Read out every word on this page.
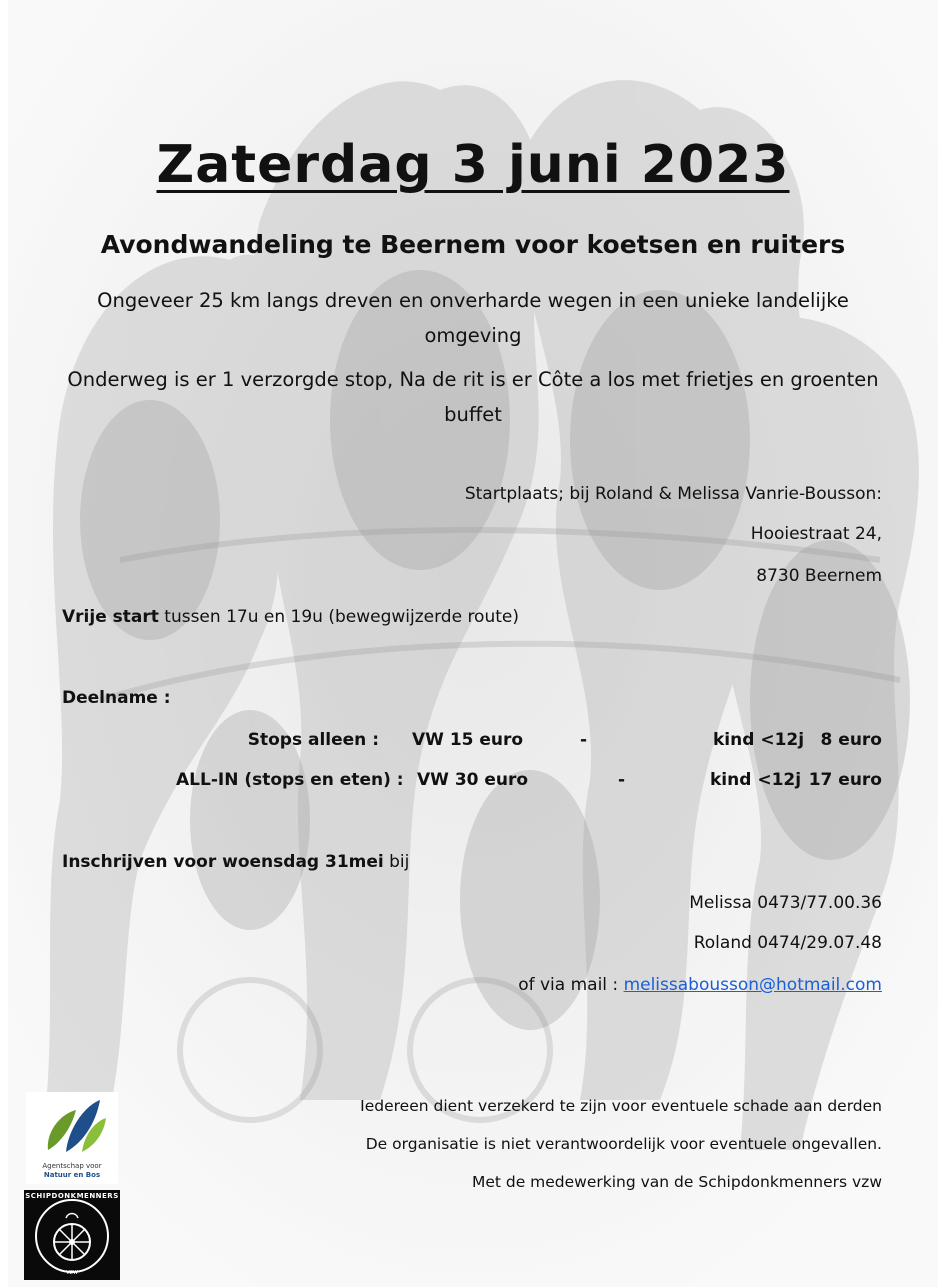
Zaterdag 3 juni 2023
Avondwandeling te Beernem voor koetsen en ruiters
Ongeveer 25 km langs dreven en onverharde wegen in een unieke landelijke omgeving
Onderweg is er 1 verzorgde stop, Na de rit is er Côte a los met frietjes en groenten buffet
Startplaats; bij Roland & Melissa Vanrie-Bousson:
Hooiestraat 24,
8730 Beernem
Vrije start tussen 17u en 19u (bewegwijzerde route)
Deelname :
Stops alleen : VW 15 euro	-	kind <12j 8 euro
ALL-IN (stops en eten) : VW 30 euro	-	kind <12j 17 euro
Inschrijven voor woensdag 31mei bij
Melissa 0473/77.00.36
Roland 0474/29.07.48
of via mail : melissabousson@hotmail.com
Iedereen dient verzekerd te zijn voor eventuele schade aan derden
De organisatie is niet verantwoordelijk voor eventuele ongevallen.
Met de medewerking van de Schipdonkmenners vzw
Agentschap voor
Natuur en Bos
SCHIPDONKMENNERS
VZW
